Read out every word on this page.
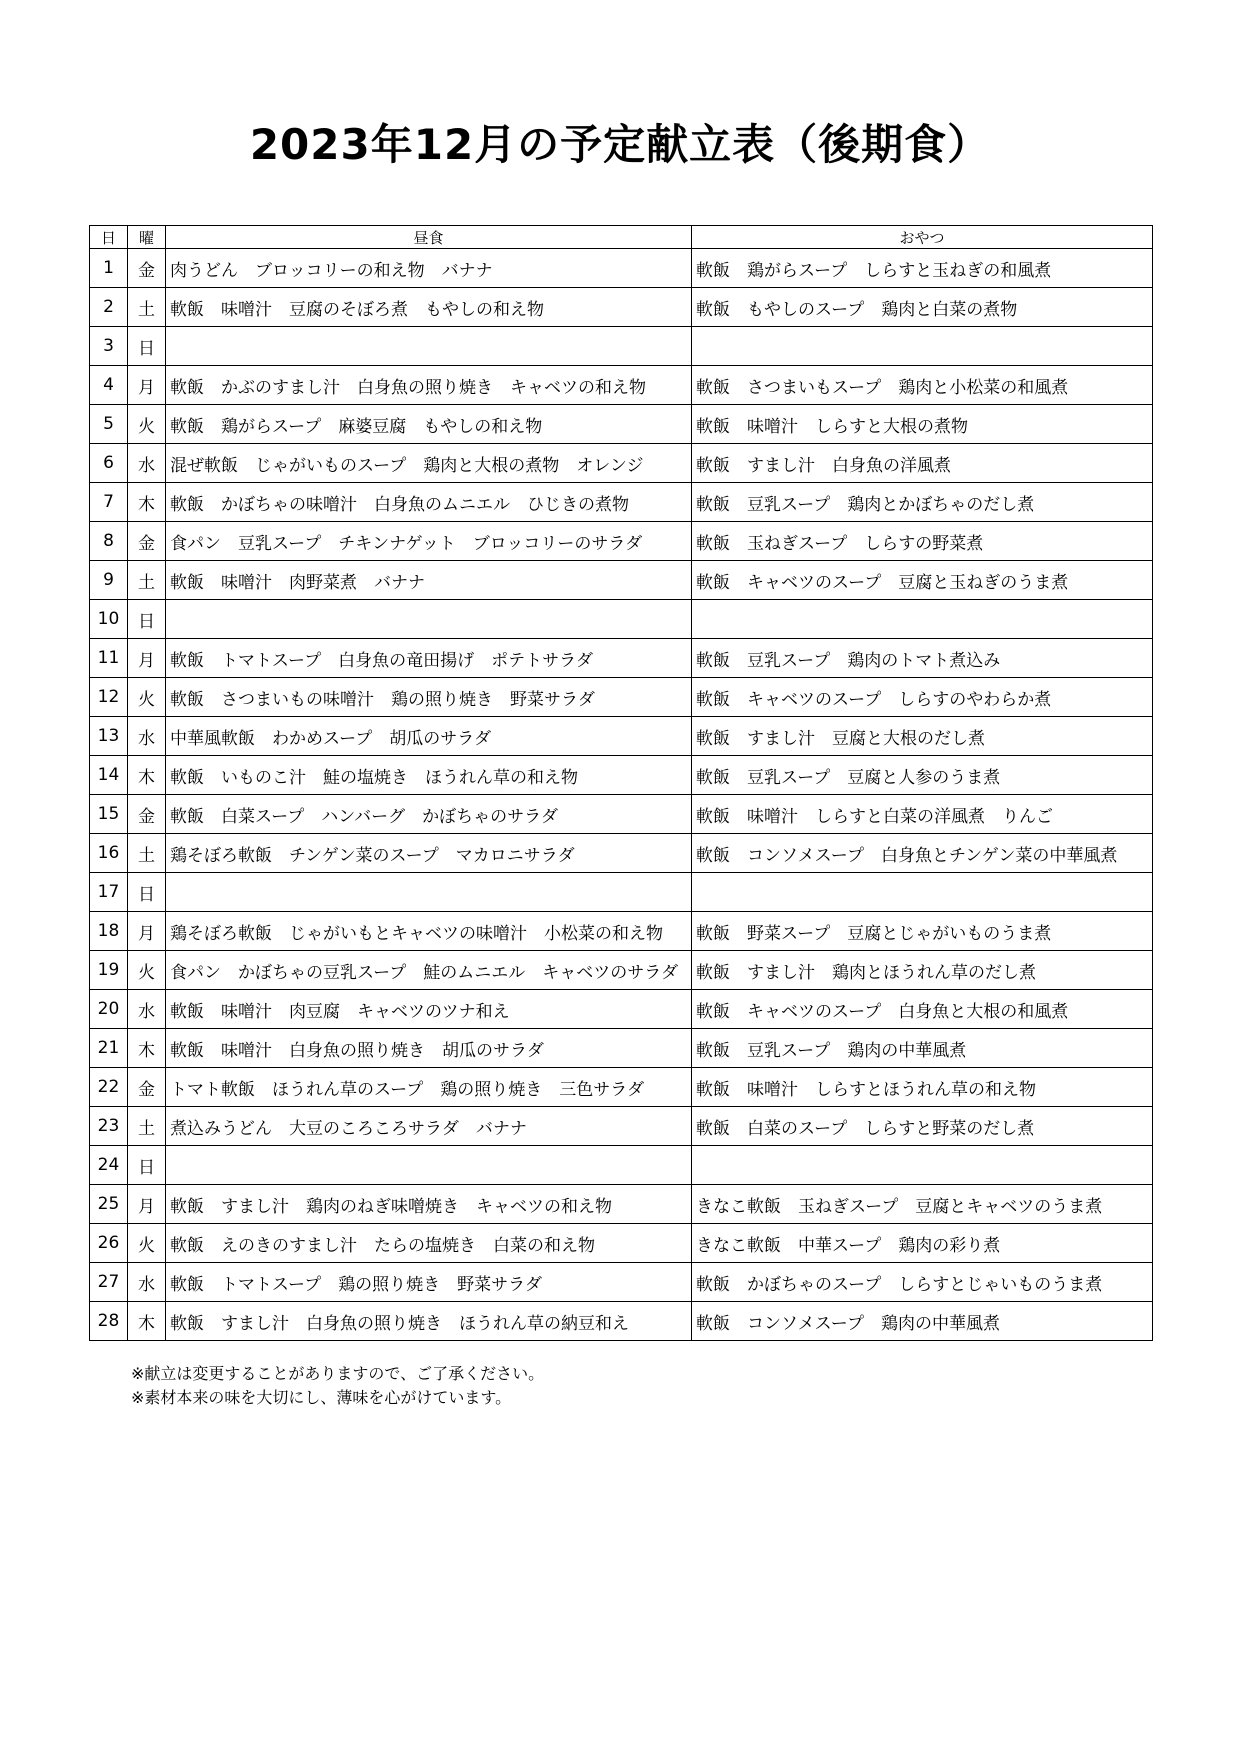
2023年12月の予定献立表（後期食）
日	曜	昼食	おやつ
1	金	肉うどん　ブロッコリーの和え物　バナナ	軟飯　鶏がらスープ　しらすと玉ねぎの和風煮
2	土	軟飯　味噌汁　豆腐のそぼろ煮　もやしの和え物	軟飯　もやしのスープ　鶏肉と白菜の煮物
3	日		
4	月	軟飯　かぶのすまし汁　白身魚の照り焼き　キャベツの和え物	軟飯　さつまいもスープ　鶏肉と小松菜の和風煮
5	火	軟飯　鶏がらスープ　麻婆豆腐　もやしの和え物	軟飯　味噌汁　しらすと大根の煮物
6	水	混ぜ軟飯　じゃがいものスープ　鶏肉と大根の煮物　オレンジ	軟飯　すまし汁　白身魚の洋風煮
7	木	軟飯　かぼちゃの味噌汁　白身魚のムニエル　ひじきの煮物	軟飯　豆乳スープ　鶏肉とかぼちゃのだし煮
8	金	食パン　豆乳スープ　チキンナゲット　ブロッコリーのサラダ	軟飯　玉ねぎスープ　しらすの野菜煮
9	土	軟飯　味噌汁　肉野菜煮　バナナ	軟飯　キャベツのスープ　豆腐と玉ねぎのうま煮
10	日		
11	月	軟飯　トマトスープ　白身魚の竜田揚げ　ポテトサラダ	軟飯　豆乳スープ　鶏肉のトマト煮込み
12	火	軟飯　さつまいもの味噌汁　鶏の照り焼き　野菜サラダ	軟飯　キャベツのスープ　しらすのやわらか煮
13	水	中華風軟飯　わかめスープ　胡瓜のサラダ	軟飯　すまし汁　豆腐と大根のだし煮
14	木	軟飯　いものこ汁　鮭の塩焼き　ほうれん草の和え物	軟飯　豆乳スープ　豆腐と人参のうま煮
15	金	軟飯　白菜スープ　ハンバーグ　かぼちゃのサラダ	軟飯　味噌汁　しらすと白菜の洋風煮　りんご
16	土	鶏そぼろ軟飯　チンゲン菜のスープ　マカロニサラダ	軟飯　コンソメスープ　白身魚とチンゲン菜の中華風煮
17	日		
18	月	鶏そぼろ軟飯　じゃがいもとキャベツの味噌汁　小松菜の和え物	軟飯　野菜スープ　豆腐とじゃがいものうま煮
19	火	食パン　かぼちゃの豆乳スープ　鮭のムニエル　キャベツのサラダ	軟飯　すまし汁　鶏肉とほうれん草のだし煮
20	水	軟飯　味噌汁　肉豆腐　キャベツのツナ和え	軟飯　キャベツのスープ　白身魚と大根の和風煮
21	木	軟飯　味噌汁　白身魚の照り焼き　胡瓜のサラダ	軟飯　豆乳スープ　鶏肉の中華風煮
22	金	トマト軟飯　ほうれん草のスープ　鶏の照り焼き　三色サラダ	軟飯　味噌汁　しらすとほうれん草の和え物
23	土	煮込みうどん　大豆のころころサラダ　バナナ	軟飯　白菜のスープ　しらすと野菜のだし煮
24	日		
25	月	軟飯　すまし汁　鶏肉のねぎ味噌焼き　キャベツの和え物	きなこ軟飯　玉ねぎスープ　豆腐とキャベツのうま煮
26	火	軟飯　えのきのすまし汁　たらの塩焼き　白菜の和え物	きなこ軟飯　中華スープ　鶏肉の彩り煮
27	水	軟飯　トマトスープ　鶏の照り焼き　野菜サラダ	軟飯　かぼちゃのスープ　しらすとじゃいものうま煮
28	木	軟飯　すまし汁　白身魚の照り焼き　ほうれん草の納豆和え	軟飯　コンソメスープ　鶏肉の中華風煮
※献立は変更することがありますので、ご了承ください。
※素材本来の味を大切にし、薄味を心がけています。
